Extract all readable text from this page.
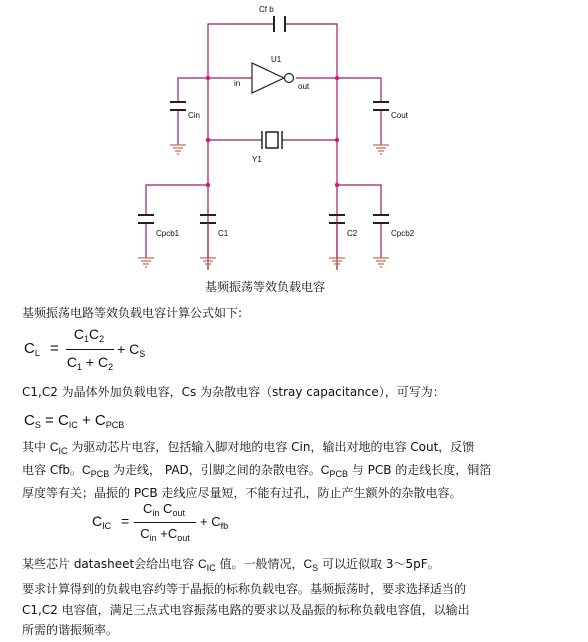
Cf b
U1
in	out
Cin	Cout
Y1
Cpcb1	C1	C2	Cpcb2
基频振荡等效负载电容
基频振荡电路等效负载电容计算公式如下:
$C_L$ =
$C_1C_2$
$C_1 + C_2$
+ $C_S$
C1,C2 为晶体外加负载电容，Cs 为杂散电容（stray capacitance），可写为：
$C_S = C_{IC} + C_{PCB}$
其中 $C_{IC}$ 为驱动芯片电容，包括输入脚对地的电容 Cin，输出对地的电容 Cout，反馈
电容 Cfb。$C_{PCB}$ 为走线， PAD，引脚之间的杂散电容。$C_{PCB}$ 与 PCB 的走线长度，铜箔
厚度等有关；晶振的 PCB 走线应尽量短，不能有过孔，防止产生额外的杂散电容。
$C_{IC}$ =
$C_{in}$ $C_{out}$
$C_{in} +C_{out}$
+ $C_{fb}$
某些芯片 datasheet会给出电容 $C_{IC}$ 值。一般情况，$C_S$ 可以近似取 3～5pF。
要求计算得到的负载电容约等于晶振的标称负载电容。基频振荡时，要求选择适当的
C1,C2 电容值，满足三点式电容振荡电路的要求以及晶振的标称负载电容值，以输出
所需的谐振频率。
